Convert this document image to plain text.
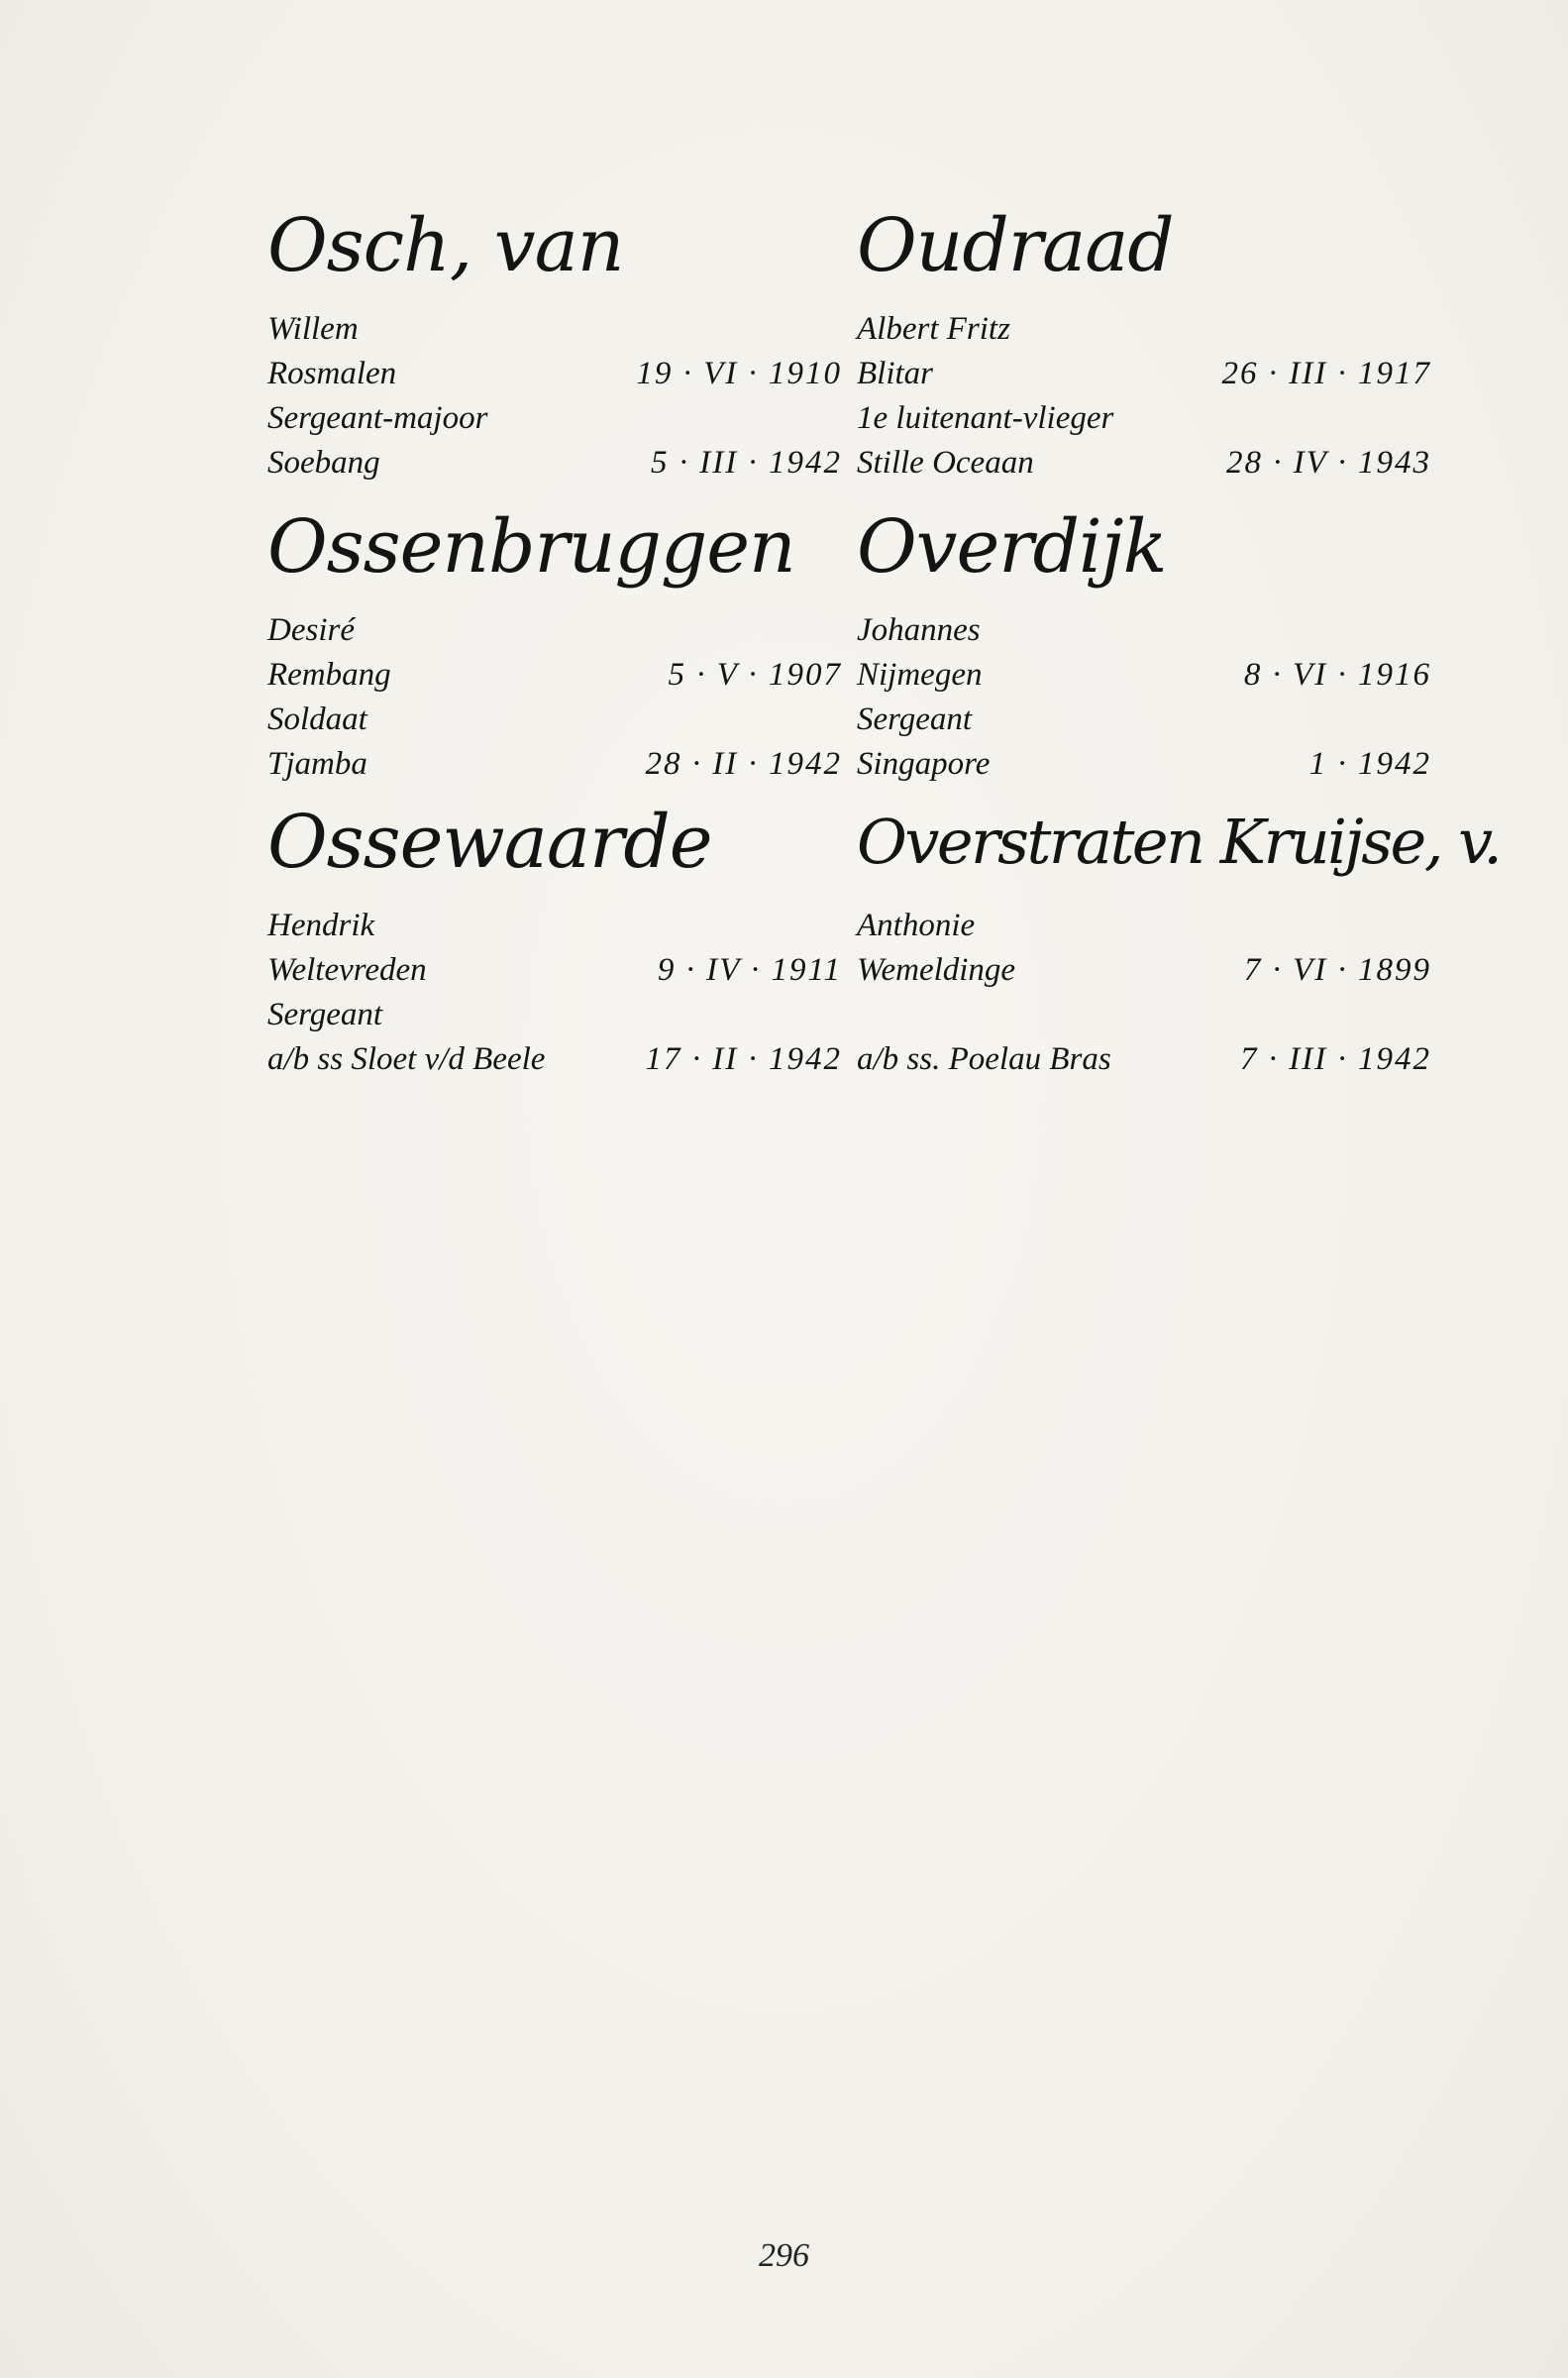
Osch, van
Willem
Rosmalen	19 · VI · 1910
Sergeant-majoor
Soebang	5 · III · 1942
Oudraad
Albert Fritz
Blitar	26 · III · 1917
1e luitenant-vlieger
Stille Oceaan	28 · IV · 1943
Ossenbruggen
Desiré
Rembang	5 · V · 1907
Soldaat
Tjamba	28 · II · 1942
Overdijk
Johannes
Nijmegen	8 · VI · 1916
Sergeant
Singapore	1 · 1942
Ossewaarde
Hendrik
Weltevreden	9 · IV · 1911
Sergeant
a/b ss Sloet v/d Beele	17 · II · 1942
Overstraten Kruijse, v.
Anthonie
Wemeldinge	7 · VI · 1899
a/b ss. Poelau Bras	7 · III · 1942
296
